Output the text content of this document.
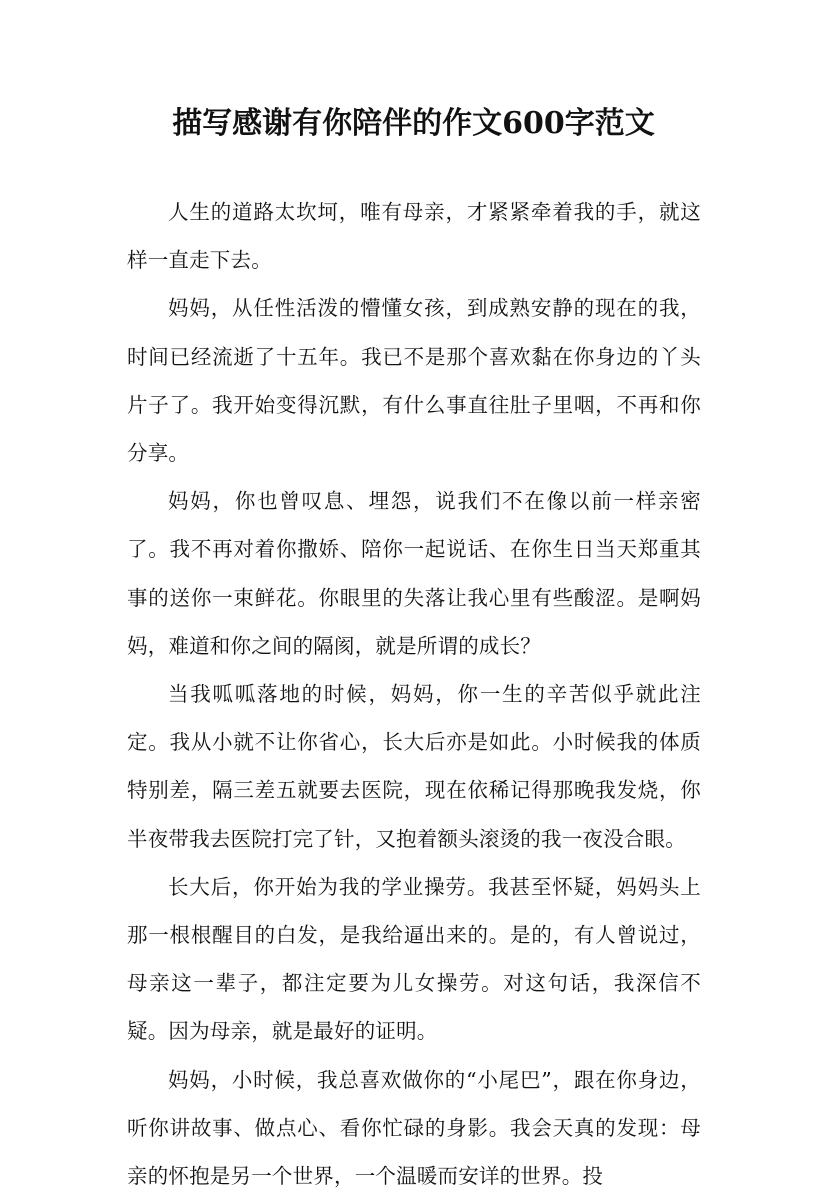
描写感谢有你陪伴的作文600字范文

人生的道路太坎坷，唯有母亲，才紧紧牵着我的手，就这样一直走下去。

妈妈，从任性活泼的懵懂女孩，到成熟安静的现在的我，时间已经流逝了十五年。我已不是那个喜欢黏在你身边的丫头片子了。我开始变得沉默，有什么事直往肚子里咽，不再和你分享。

妈妈，你也曾叹息、埋怨，说我们不在像以前一样亲密了。我不再对着你撒娇、陪你一起说话、在你生日当天郑重其事的送你一束鲜花。你眼里的失落让我心里有些酸涩。是啊妈妈，难道和你之间的隔阂，就是所谓的成长？

当我呱呱落地的时候，妈妈，你一生的辛苦似乎就此注定。我从小就不让你省心，长大后亦是如此。小时候我的体质特别差，隔三差五就要去医院，现在依稀记得那晚我发烧，你半夜带我去医院打完了针，又抱着额头滚烫的我一夜没合眼。

长大后，你开始为我的学业操劳。我甚至怀疑，妈妈头上那一根根醒目的白发，是我给逼出来的。是的，有人曾说过，母亲这一辈子，都注定要为儿女操劳。对这句话，我深信不疑。因为母亲，就是最好的证明。

妈妈，小时候，我总喜欢做你的“小尾巴”，跟在你身边，听你讲故事、做点心、看你忙碌的身影。我会天真的发现：母亲的怀抱是另一个世界，一个温暖而安详的世界。投
